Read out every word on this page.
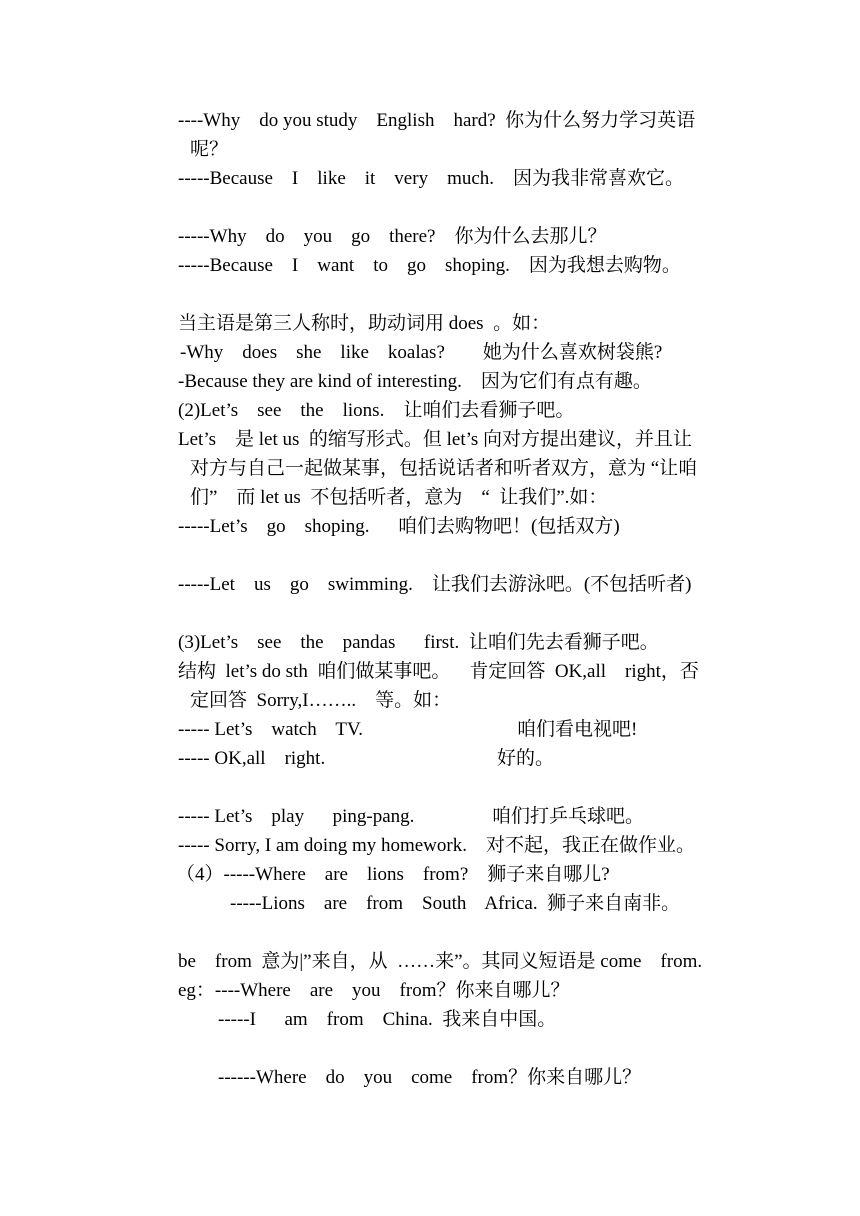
----Why    do you study    English    hard?  你为什么努力学习英语
呢？
-----Because    I    like    it    very    much.    因为我非常喜欢它。
-----Why    do    you    go    there?    你为什么去那儿？
-----Because    I    want    to    go    shoping.    因为我想去购物。
当主语是第三人称时，助动词用 does  。如：
-Why    does    she    like    koalas?        她为什么喜欢树袋熊?
-Because they are kind of interesting.    因为它们有点有趣。
(2)Let’s    see    the    lions.    让咱们去看狮子吧。
Let’s    是 let us  的缩写形式。但 let’s 向对方提出建议，并且让
对方与自己一起做某事，包括说话者和听者双方，意为 “让咱
们”    而 let us  不包括听者，意为    “  让我们”.如：
-----Let’s    go    shoping.      咱们去购物吧！(包括双方)
-----Let    us    go    swimming.    让我们去游泳吧。(不包括听者)
(3)Let’s    see    the    pandas      first.  让咱们先去看狮子吧。
结构  let’s do sth  咱们做某事吧。    肯定回答  OK,all    right，否
定回答  Sorry,I……..    等。如：
----- Let’s    watch    TV.	咱们看电视吧!
----- OK,all    right.	好的。
----- Let’s    play      ping-pang.	咱们打乒乓球吧。
----- Sorry, I am doing my homework.    对不起，我正在做作业。
（4）-----Where    are    lions    from?    狮子来自哪儿?
-----Lions    are    from    South    Africa.  狮子来自南非。
be    from  意为|”来自，从  ……来”。其同义短语是 come    from.
eg：----Where    are    you    from？你来自哪儿？
-----I      am    from    China.  我来自中国。
------Where    do    you    come    from？你来自哪儿？
